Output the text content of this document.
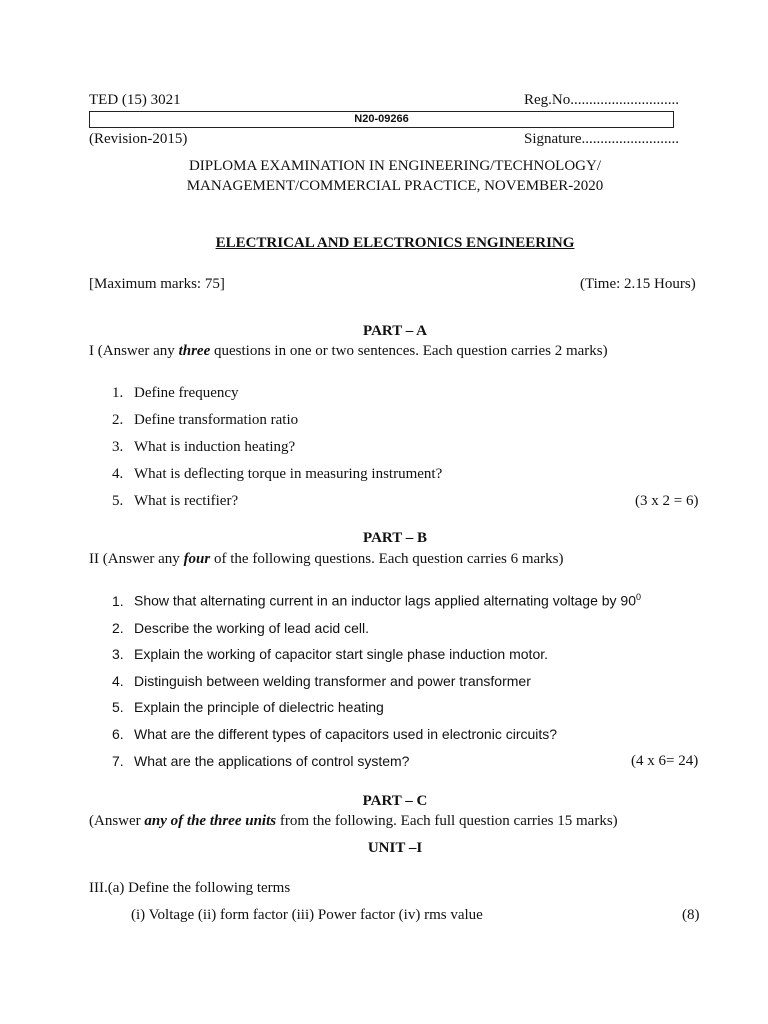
TED (15) 3021	Reg.No.............................
N20-09266
(Revision-2015)	Signature..........................
DIPLOMA EXAMINATION IN ENGINEERING/TECHNOLOGY/
MANAGEMENT/COMMERCIAL PRACTICE, NOVEMBER-2020
ELECTRICAL AND ELECTRONICS ENGINEERING
[Maximum marks: 75]	(Time: 2.15 Hours)
PART – A
I (Answer any three questions in one or two sentences. Each question carries 2 marks)
1. Define frequency
2. Define transformation ratio
3. What is induction heating?
4. What is deflecting torque in measuring instrument?
5. What is rectifier?	(3 x 2 = 6)
PART – B
II (Answer any four of the following questions. Each question carries 6 marks)
1. Show that alternating current in an inductor lags applied alternating voltage by $90^0$
2. Describe the working of lead acid cell.
3. Explain the working of capacitor start single phase induction motor.
4. Distinguish between welding transformer and power transformer
5. Explain the principle of dielectric heating
6. What are the different types of capacitors used in electronic circuits?
7. What are the applications of control system?	(4 x 6= 24)
PART – C
(Answer any of the three units from the following. Each full question carries 15 marks)
UNIT –I
III.(a) Define the following terms
(i) Voltage (ii) form factor (iii) Power factor (iv) rms value	(8)
